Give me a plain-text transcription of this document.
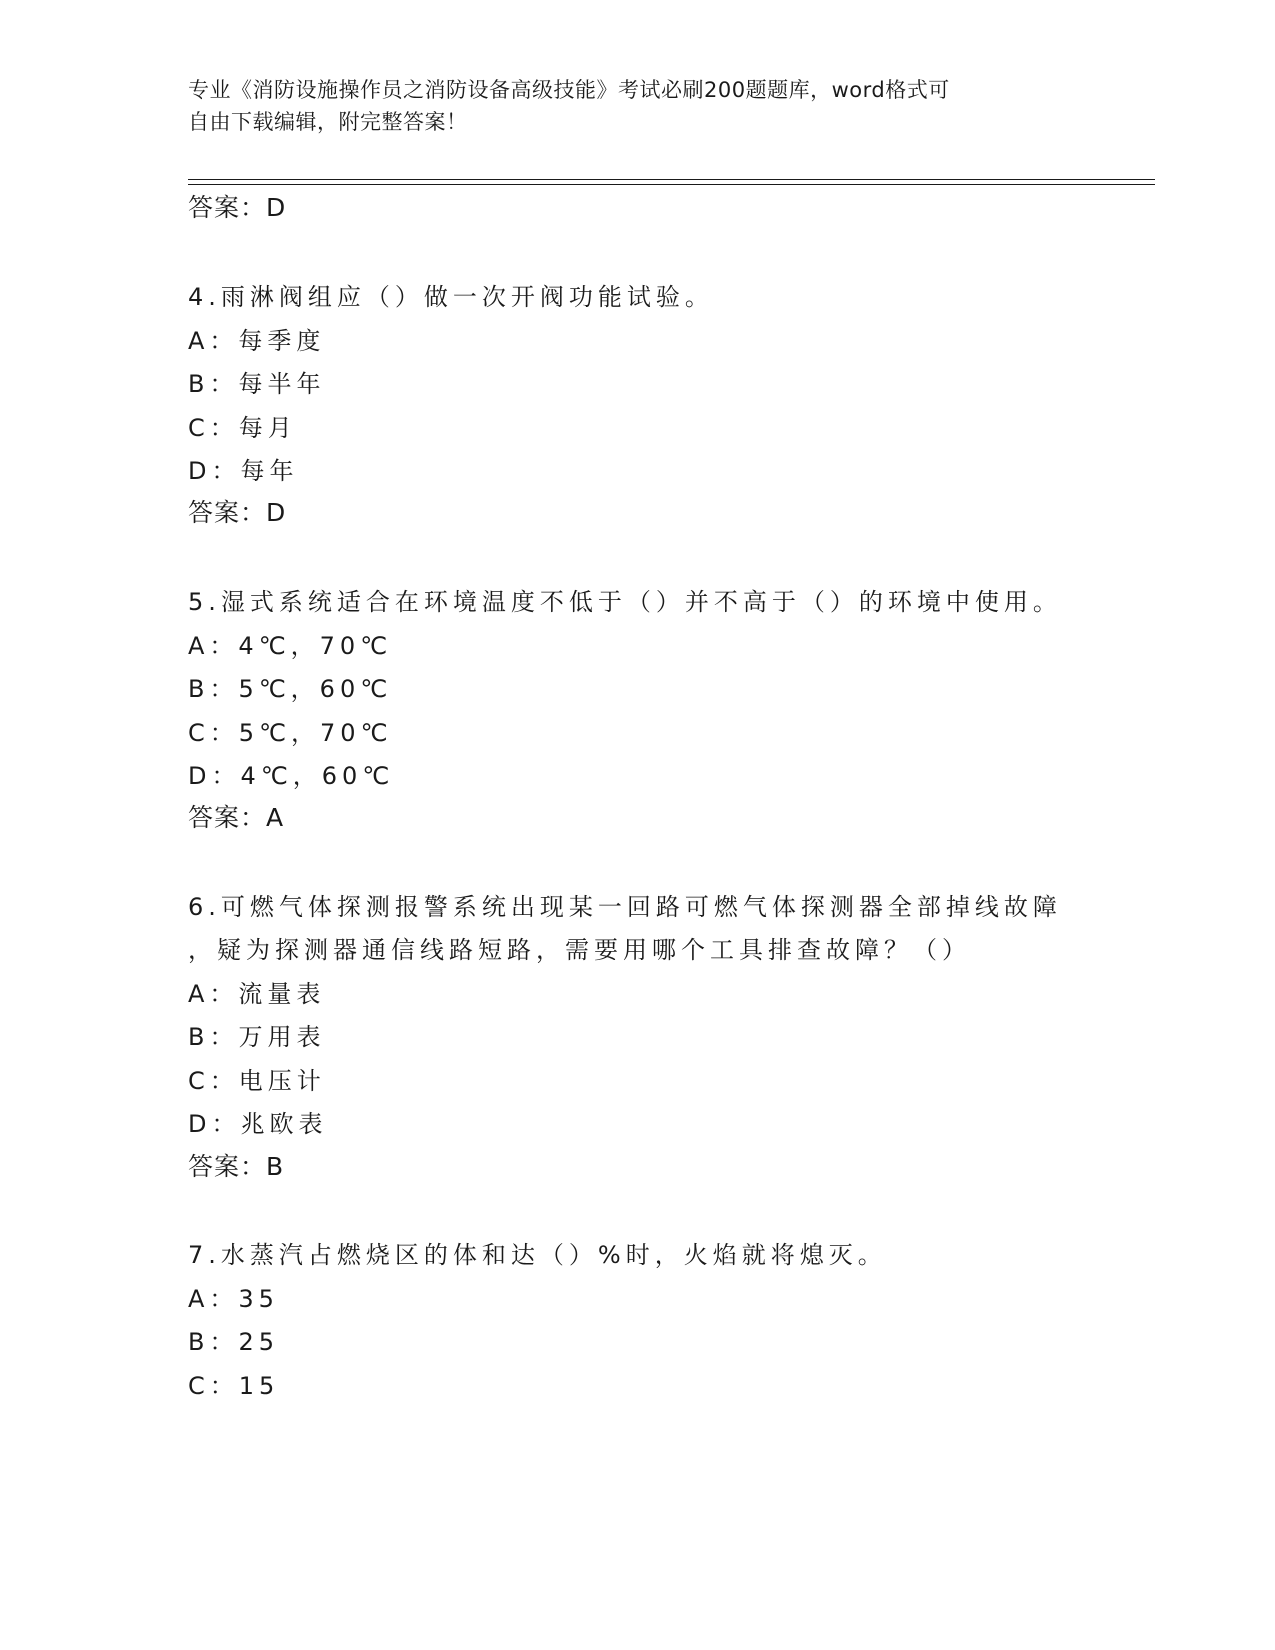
专业《消防设施操作员之消防设备高级技能》考试必刷200题题库，word格式可
自由下载编辑，附完整答案！
答案：D
4.雨淋阀组应（）做一次开阀功能试验。
A：每季度
B：每半年
C：每月
D：每年
答案：D
5.湿式系统适合在环境温度不低于（）并不高于（）的环境中使用。
A：4℃，70℃
B：5℃，60℃
C：5℃，70℃
D：4℃，60℃
答案：A
6.可燃气体探测报警系统出现某一回路可燃气体探测器全部掉线故障
，疑为探测器通信线路短路，需要用哪个工具排查故障？（）
A：流量表
B：万用表
C：电压计
D：兆欧表
答案：B
7.水蒸汽占燃烧区的体和达（）%时，火焰就将熄灭。
A：35
B：25
C：15
